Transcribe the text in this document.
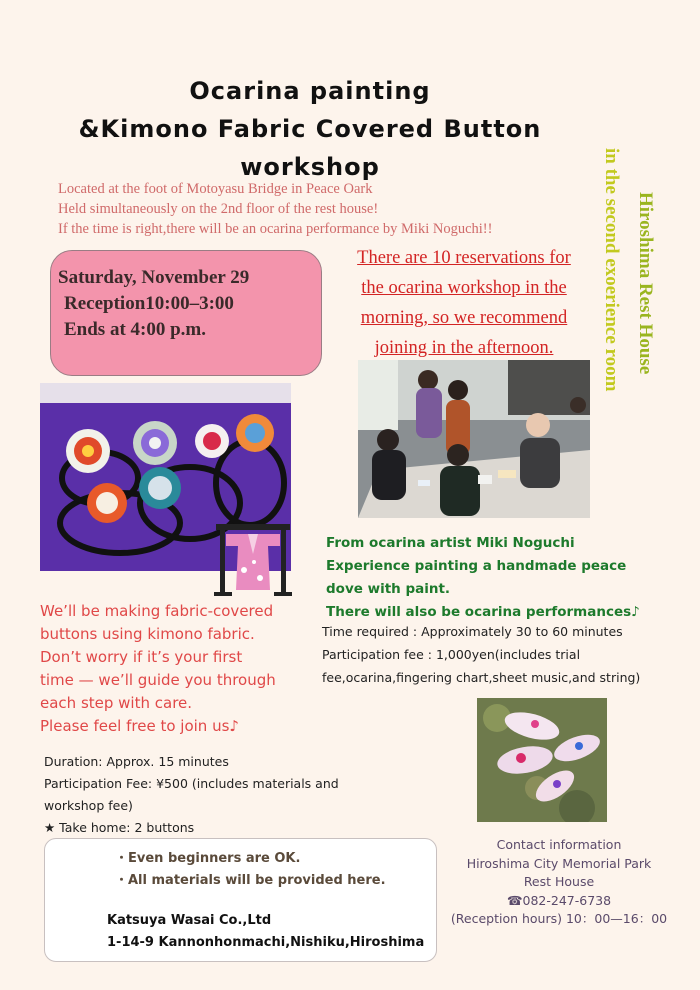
Ocarina painting
&Kimono Fabric Covered Button
workshop
Located at the foot of Motoyasu Bridge in Peace Oark
Held simultaneously on the 2nd floor of the rest house!
If the time is right,there will be an ocarina performance by Miki Noguchi!!
Saturday, November 29
Reception10:00–3:00
Ends at 4:00 p.m.
There are 10 reservations for
the ocarina workshop in the
morning, so we recommend
joining in the afternoon.	Hiroshima Rest House
in the second exoerience room
From ocarina artist Miki Noguchi
Experience painting a handmade peace
dove with paint.
There will also be ocarina performances♪
Time required : Approximately 30 to 60 minutes
Participation fee : 1,000yen(includes trial
fee,ocarina,fingering chart,sheet music,and string)
We’ll be making fabric-covered
buttons using kimono fabric.
Don’t worry if it’s your first
time — we’ll guide you through
each step with care.
Please feel free to join us♪
Duration: Approx. 15 minutes
Participation Fee: ¥500 (includes materials and
workshop fee)
★ Take home: 2 buttons
・Even beginners are OK.
・All materials will be provided here.
Katsuya Wasai Co.,Ltd
1-14-9 Kannonhonmachi,Nishiku,Hiroshima
Contact information
Hiroshima City Memorial Park
Rest House
☎082-247-6738
(Reception hours) 10：00—16：00
